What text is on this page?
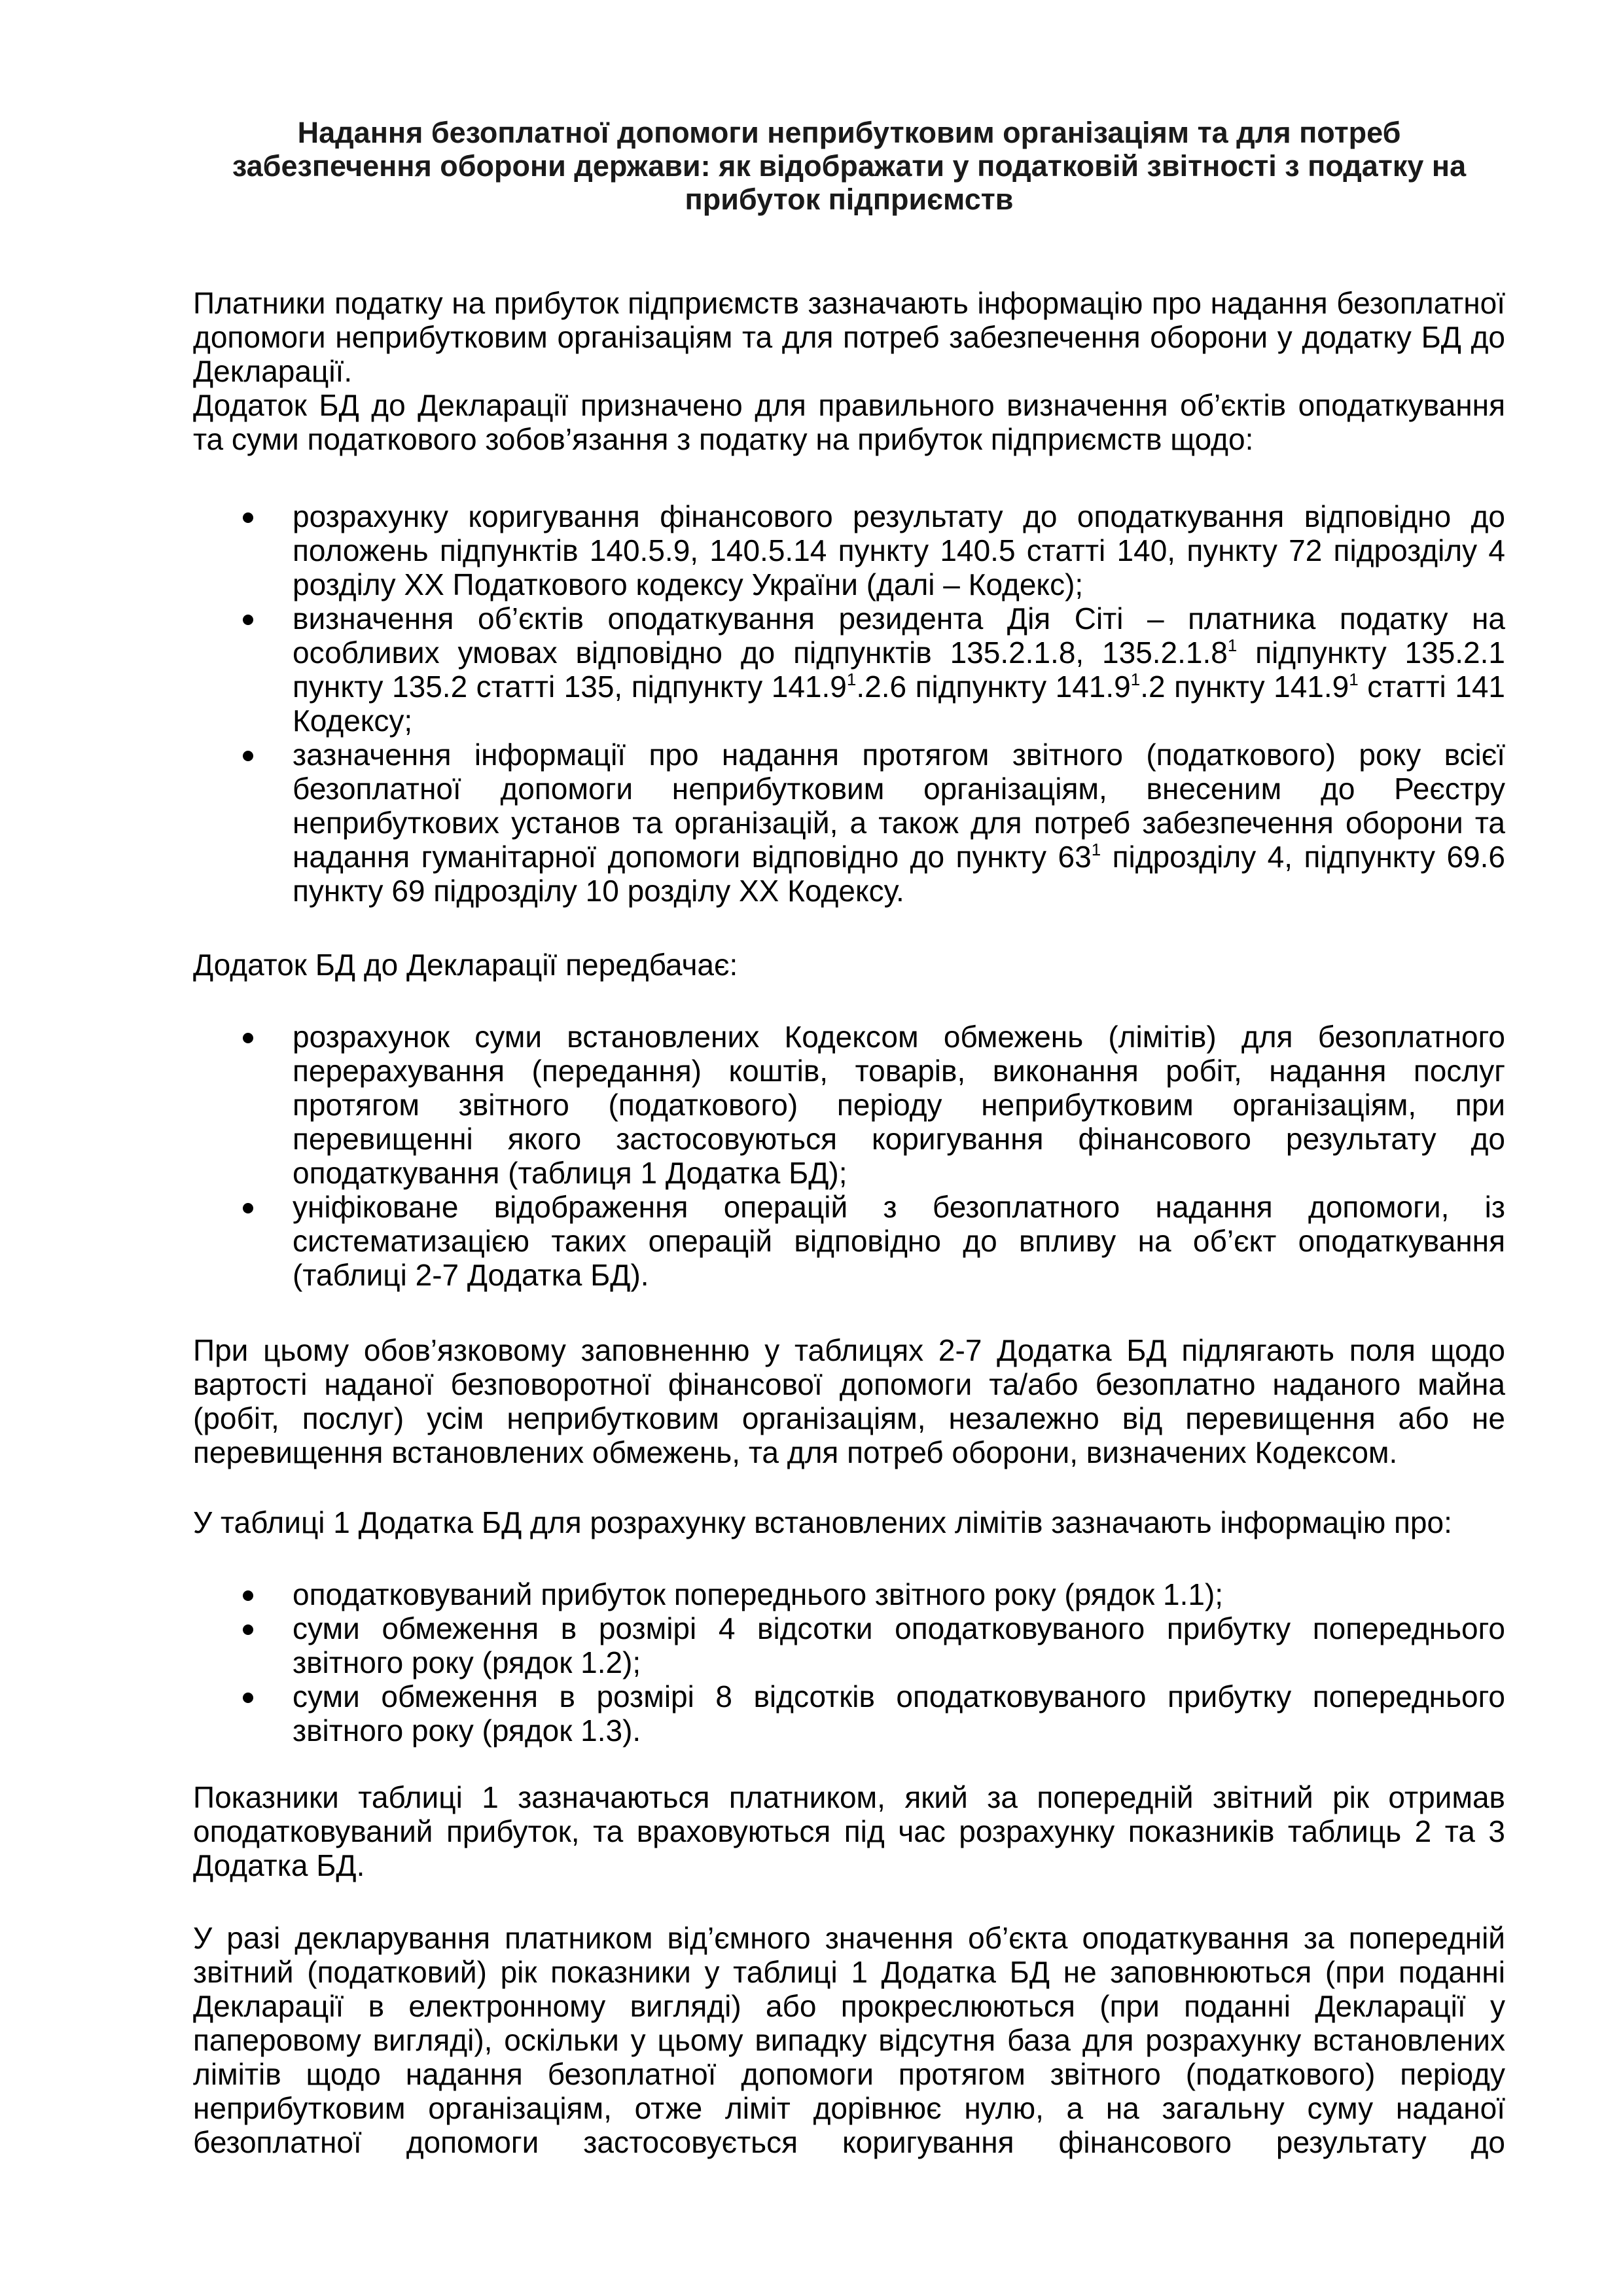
Надання безоплатної допомоги неприбутковим організаціям та для потреб
забезпечення оборони держави: як відображати у податковій звітності з податку на
прибуток підприємств

Платники податку на прибуток підприємств зазначають інформацію про надання безоплатної допомоги неприбутковим організаціям та для потреб забезпечення оборони у додатку БД до Декларації.

Додаток БД до Декларації призначено для правильного визначення об’єктів оподаткування та суми податкового зобов’язання з податку на прибуток підприємств щодо:

розрахунку коригування фінансового результату до оподаткування відповідно до положень підпунктів 140.5.9, 140.5.14 пункту 140.5 статті 140, пункту 72 підрозділу 4 розділу ХХ Податкового кодексу України (далі – Кодекс);
визначення об’єктів оподаткування резидента Дія Сіті – платника податку на особливих умовах відповідно до підпунктів 135.2.1.8, 135.2.1.8$^1$ підпункту 135.2.1 пункту 135.2 статті 135, підпункту 141.9$^1$.2.6 підпункту 141.9$^1$.2 пункту 141.9$^1$ статті 141 Кодексу;
зазначення інформації про надання протягом звітного (податкового) року всієї безоплатної допомоги неприбутковим організаціям, внесеним до Реєстру неприбуткових установ та організацій, а також для потреб забезпечення оборони та надання гуманітарної допомоги відповідно до пункту $63^1$ підрозділу 4, підпункту 69.6 пункту 69 підрозділу 10 розділу ХХ Кодексу.

Додаток БД до Декларації передбачає:

розрахунок суми встановлених Кодексом обмежень (лімітів) для безоплатного перерахування (передання) коштів, товарів, виконання робіт, надання послуг протягом звітного (податкового) періоду неприбутковим організаціям, при перевищенні якого застосовуються коригування фінансового результату до оподаткування (таблиця 1 Додатка БД);
уніфіковане відображення операцій з безоплатного надання допомоги, із систематизацією таких операцій відповідно до впливу на об’єкт оподаткування (таблиці 2-7 Додатка БД).

При цьому обов’язковому заповненню у таблицях 2-7 Додатка БД підлягають поля щодо вартості наданої безповоротної фінансової допомоги та/або безоплатно наданого майна (робіт, послуг) усім неприбутковим організаціям, незалежно від перевищення або не перевищення встановлених обмежень, та для потреб оборони, визначених Кодексом.

У таблиці 1 Додатка БД для розрахунку встановлених лімітів зазначають інформацію про:

оподатковуваний прибуток попереднього звітного року (рядок 1.1);
суми обмеження в розмірі 4 відсотки оподатковуваного прибутку попереднього звітного року (рядок 1.2);
суми обмеження в розмірі 8 відсотків оподатковуваного прибутку попереднього звітного року (рядок 1.3).

Показники таблиці 1 зазначаються платником, який за попередній звітний рік отримав оподатковуваний прибуток, та враховуються під час розрахунку показників таблиць 2 та 3 Додатка БД.

У разі декларування платником від’ємного значення об’єкта оподаткування за попередній звітний (податковий) рік показники у таблиці 1 Додатка БД не заповнюються (при поданні Декларації в електронному вигляді) або прокреслюються (при поданні Декларації у паперовому вигляді), оскільки у цьому випадку відсутня база для розрахунку встановлених лімітів щодо надання безоплатної допомоги протягом звітного (податкового) періоду неприбутковим організаціям, отже ліміт дорівнює нулю, а на загальну суму наданої безоплатної допомоги застосовується коригування фінансового результату до
